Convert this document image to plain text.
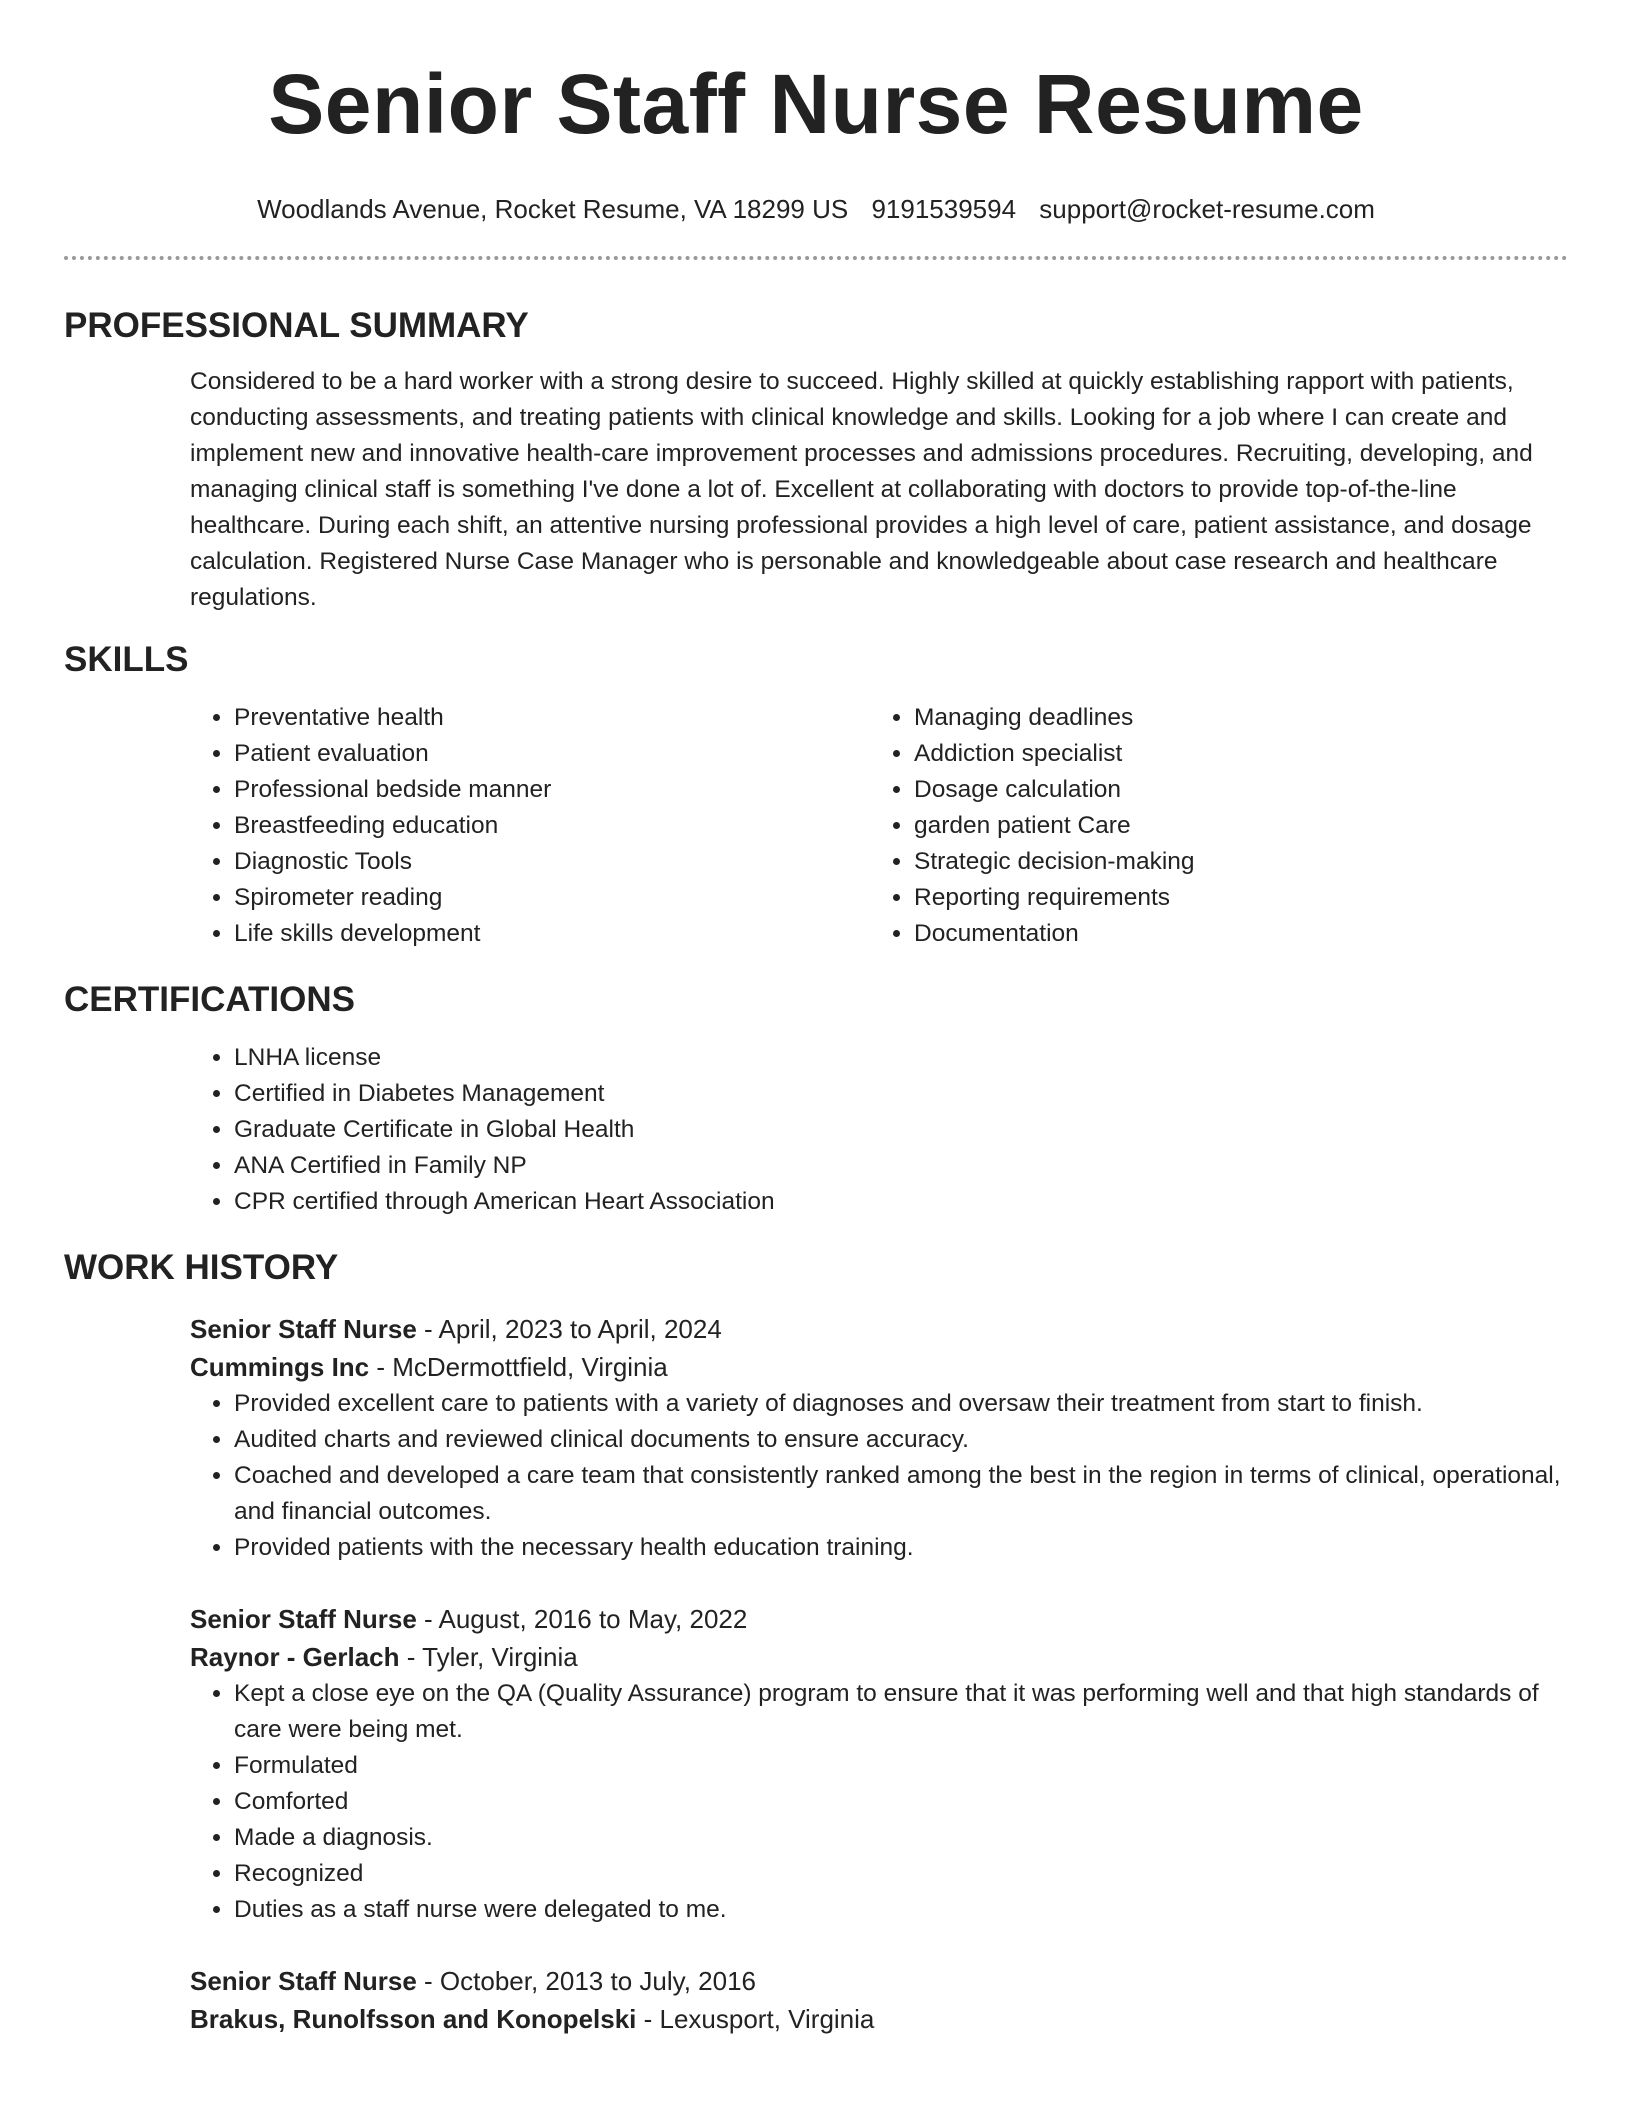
Senior Staff Nurse Resume
Woodlands Avenue, Rocket Resume, VA 18299 US 9191539594 support@rocket-resume.com
PROFESSIONAL SUMMARY

Considered to be a hard worker with a strong desire to succeed. Highly skilled at quickly establishing rapport with patients, conducting assessments, and treating patients with clinical knowledge and skills. Looking for a job where I can create and implement new and innovative health-care improvement processes and admissions procedures. Recruiting, developing, and managing clinical staff is something I've done a lot of. Excellent at collaborating with doctors to provide top-of-the-line healthcare. During each shift, an attentive nursing professional provides a high level of care, patient assistance, and dosage calculation. Registered Nurse Case Manager who is personable and knowledgeable about case research and healthcare regulations.

SKILLS
• Preventative health
• Patient evaluation
• Professional bedside manner
• Breastfeeding education
• Diagnostic Tools
• Spirometer reading
• Life skills development
• Managing deadlines
• Addiction specialist
• Dosage calculation
• garden patient Care
• Strategic decision-making
• Reporting requirements
• Documentation
CERTIFICATIONS
• LNHA license
• Certified in Diabetes Management
• Graduate Certificate in Global Health
• ANA Certified in Family NP
• CPR certified through American Heart Association
WORK HISTORY
Senior Staff Nurse - April, 2023 to April, 2024
Cummings Inc - McDermottfield, Virginia
• Provided excellent care to patients with a variety of diagnoses and oversaw their treatment from start to finish.
• Audited charts and reviewed clinical documents to ensure accuracy.
• Coached and developed a care team that consistently ranked among the best in the region in terms of clinical, operational, and financial outcomes.
• Provided patients with the necessary health education training.
Senior Staff Nurse - August, 2016 to May, 2022
Raynor - Gerlach - Tyler, Virginia
• Kept a close eye on the QA (Quality Assurance) program to ensure that it was performing well and that high standards of care were being met.
• Formulated
• Comforted
• Made a diagnosis.
• Recognized
• Duties as a staff nurse were delegated to me.
Senior Staff Nurse - October, 2013 to July, 2016
Brakus, Runolfsson and Konopelski - Lexusport, Virginia
